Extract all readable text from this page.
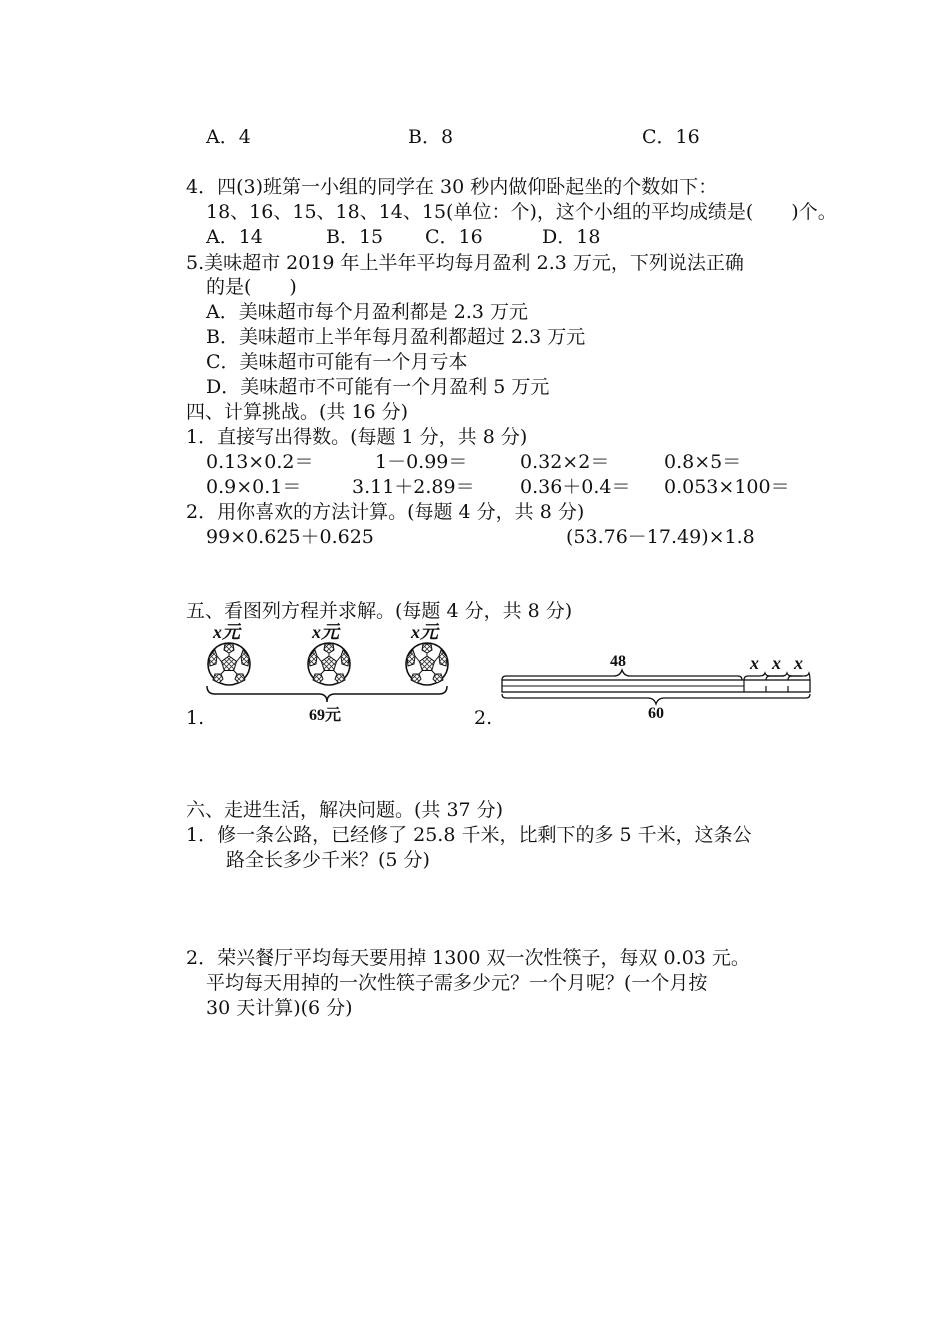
A．4	B．8	C．16
4．四(3)班第一小组的同学在 30 秒内做仰卧起坐的个数如下：
18、16、15、18、14、15(单位：个)，这个小组的平均成绩是(　　)个。
A．14	B．15 C．16	D．18
5.美味超市 2019 年上半年平均每月盈利 2.3 万元，下列说法正确
的是(　　)
A．美味超市每个月盈利都是 2.3 万元
B．美味超市上半年每月盈利都超过 2.3 万元
C．美味超市可能有一个月亏本
D．美味超市不可能有一个月盈利 5 万元
四、计算挑战。(共 16 分)
1．直接写出得数。(每题 1 分，共 8 分)
0.13×0.2＝	1－0.99＝	0.32×2＝	0.8×5＝
0.9×0.1＝	3.11＋2.89＝ 0.36＋0.4＝ 0.053×100＝
2．用你喜欢的方法计算。(每题 4 分，共 8 分)
99×0.625＋0.625	(53.76－17.49)×1.8
五、看图列方程并求解。(每题 4 分，共 8 分)
x元	x元	x元
69元
1.
48	x x x
60
2.
六、走进生活，解决问题。(共 37 分)
1．修一条公路，已经修了 25.8 千米，比剩下的多 5 千米，这条公
路全长多少千米？(5 分)
2．荣兴餐厅平均每天要用掉 1300 双一次性筷子，每双 0.03 元。
平均每天用掉的一次性筷子需多少元？一个月呢？(一个月按
30 天计算)(6 分)
